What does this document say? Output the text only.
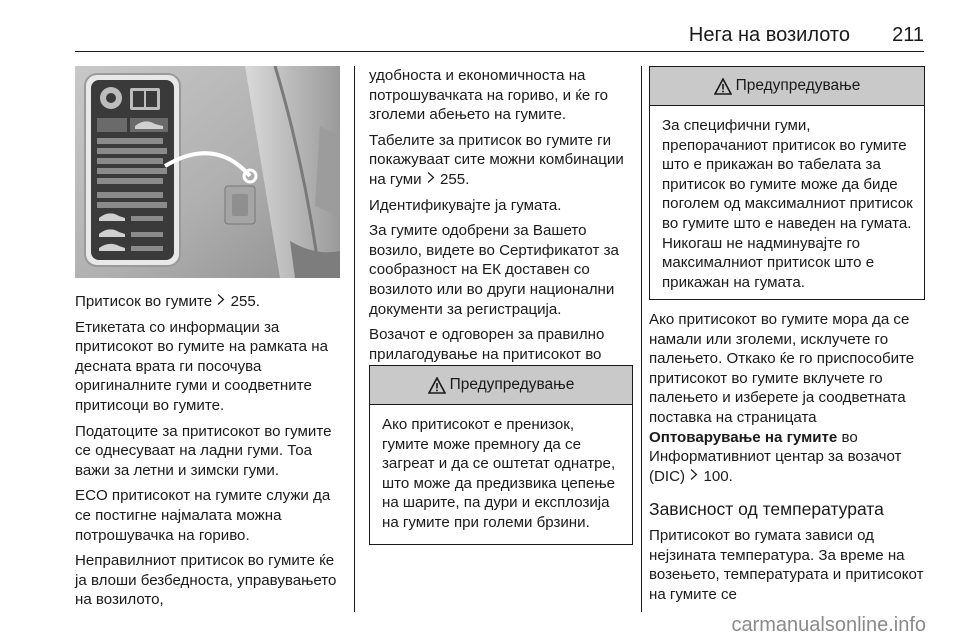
Нега на возилото 211

Притисок во гумите  255.

Етикетата со информации за притисокот во гумите на рамката на десната врата ги посочува оригиналните гуми и соодветните притисоци во гумите.

Податоците за притисокот во гумите се однесуваат на ладни гуми. Тоа важи за летни и зимски гуми.

ECO притисокот на гумите служи да се постигне најмалата можна потрошувачка на гориво.

Неправилниот притисок во гумите ќе ја влоши безбедноста, управувањето на возилото,

удобноста и економичноста на потрошувачката на гориво, и ќе го зголеми абењето на гумите.

Табелите за притисок во гумите ги покажуваат сите можни комбинации на гуми  255.

Идентификувајте ја гумата.

За гумите одобрени за Вашето возило, видете во Сертификатот за сообразност на ЕК доставен со возилото или во други национални документи за регистрација.

Возачот е одговорен за правилно прилагодување на притисокот во

Предупредување
Ако притисокот е пренизок, гумите може премногу да се загреат и да се оштетат однатре, што може да предизвика цепење на шарите, па дури и експлозија на гумите при големи брзини.
Предупредување
За специфични гуми, препорачаниот притисок во гумите што е прикажан во табелата за притисок во гумите може да биде поголем од максималниот притисок во гумите што е наведен на гумата. Никогаш не надминувајте го максималниот притисок што е прикажан на гумата.

Ако притисокот во гумите мора да се намали или зголеми, исклучете го палењето. Откако ќе го приспособите притисокот во гумите вклучете го палењето и изберете ја соодветната поставка на страницата Оптоварување на гумите во Информативниот центар за возачот (DIC)  100.

Зависност од температурата

Притисокот во гумата зависи од нејзината температура. За време на возењето, температурата и притисокот на гумите се

carmanualsonline.info
